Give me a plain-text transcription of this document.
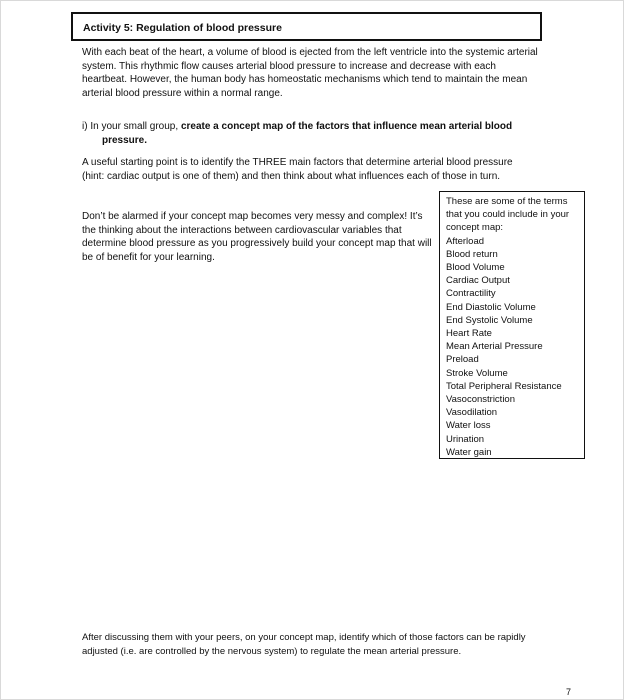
Activity 5: Regulation of blood pressure
With each beat of the heart, a volume of blood is ejected from the left ventricle into the systemic arterial system. This rhythmic flow causes arterial blood pressure to increase and decrease with each heartbeat. However, the human body has homeostatic mechanisms which tend to maintain the mean arterial blood pressure within a normal range.
i) In your small group, create a concept map of the factors that influence mean arterial blood
pressure.
A useful starting point is to identify the THREE main factors that determine arterial blood pressure (hint: cardiac output is one of them) and then think about what influences each of those in turn.
Don’t be alarmed if your concept map becomes very messy and complex! It’s the thinking about the interactions between cardiovascular variables that determine blood pressure as you progressively build your concept map that will be of benefit for your learning.
These are some of the terms that you could include in your concept map:
Afterload
Blood return
Blood Volume
Cardiac Output
Contractility
End Diastolic Volume
End Systolic Volume
Heart Rate
Mean Arterial Pressure
Preload
Stroke Volume
Total Peripheral Resistance
Vasoconstriction
Vasodilation
Water loss
Urination
Water gain
After discussing them with your peers, on your concept map, identify which of those factors can be rapidly adjusted (i.e. are controlled by the nervous system) to regulate the mean arterial pressure.
7
